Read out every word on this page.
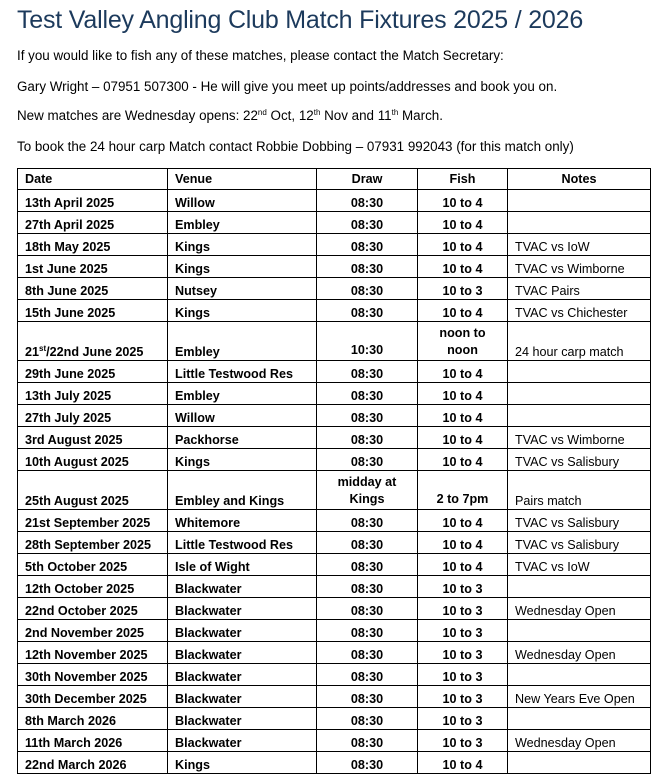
Test Valley Angling Club Match Fixtures 2025 / 2026
If you would like to fish any of these matches, please contact the Match Secretary:
Gary Wright – 07951 507300 - He will give you meet up points/addresses and book you on.
New matches are Wednesday opens: 22nd Oct, 12th Nov and 11th March.
To book the 24 hour carp Match contact Robbie Dobbing – 07931 992043 (for this match only)
Date	Venue	Draw	Fish	Notes
13th April 2025	Willow	08:30	10 to 4	
27th April 2025	Embley	08:30	10 to 4	
18th May 2025	Kings	08:30	10 to 4	TVAC vs IoW
1st June 2025	Kings	08:30	10 to 4	TVAC vs Wimborne
8th June 2025	Nutsey	08:30	10 to 3	TVAC Pairs
15th June 2025	Kings	08:30	10 to 4	TVAC vs Chichester
21st/22nd June 2025	Embley	10:30	noon to noon	24 hour carp match
29th June 2025	Little Testwood Res	08:30	10 to 4	
13th July 2025	Embley	08:30	10 to 4	
27th July 2025	Willow	08:30	10 to 4	
3rd August 2025	Packhorse	08:30	10 to 4	TVAC vs Wimborne
10th August 2025	Kings	08:30	10 to 4	TVAC vs Salisbury
25th August 2025	Embley and Kings	midday at Kings	2 to 7pm	Pairs match
21st September 2025	Whitemore	08:30	10 to 4	TVAC vs Salisbury
28th September 2025	Little Testwood Res	08:30	10 to 4	TVAC vs Salisbury
5th October 2025	Isle of Wight	08:30	10 to 4	TVAC vs IoW
12th October 2025	Blackwater	08:30	10 to 3	
22nd October 2025	Blackwater	08:30	10 to 3	Wednesday Open
2nd November 2025	Blackwater	08:30	10 to 3	
12th November 2025	Blackwater	08:30	10 to 3	Wednesday Open
30th November 2025	Blackwater	08:30	10 to 3	
30th December 2025	Blackwater	08:30	10 to 3	New Years Eve Open
8th March 2026	Blackwater	08:30	10 to 3	
11th March 2026	Blackwater	08:30	10 to 3	Wednesday Open
22nd March 2026	Kings	08:30	10 to 4	
